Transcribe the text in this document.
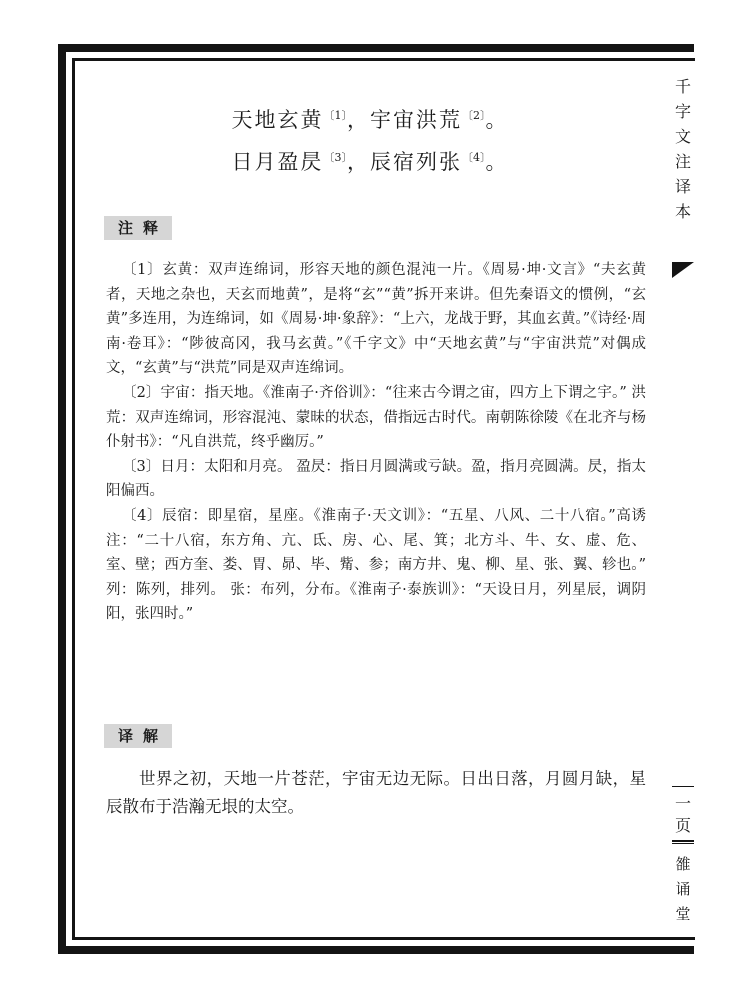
天地玄黄$^{〔1〕}$，宇宙洪荒$^{〔2〕}$。
日月盈昃$^{〔3〕}$，辰宿列张$^{〔4〕}$。
注释

〔1〕玄黄：双声连绵词，形容天地的颜色混沌一片。《周易·坤·文言》“夫玄黄者，天地之杂也，天玄而地黄”，是将“玄”“黄”拆开来讲。但先秦语文的惯例，“玄黄”多连用，为连绵词，如《周易·坤·象辞》：“上六，龙战于野，其血玄黄。”《诗经·周南·卷耳》：“陟彼高冈，我马玄黄。”《千字文》中“天地玄黄”与“宇宙洪荒”对偶成文，“玄黄”与“洪荒”同是双声连绵词。

〔2〕宇宙：指天地。《淮南子·齐俗训》：“往来古今谓之宙，四方上下谓之宇。” 洪荒：双声连绵词，形容混沌、蒙昧的状态，借指远古时代。南朝陈徐陵《在北齐与杨仆射书》：“凡自洪荒，终乎幽厉。”

〔3〕日月：太阳和月亮。 盈昃：指日月圆满或亏缺。盈，指月亮圆满。昃，指太阳偏西。

〔4〕辰宿：即星宿，星座。《淮南子·天文训》：“五星、八风、二十八宿。”高诱注：“二十八宿，东方角、亢、氐、房、心、尾、箕；北方斗、牛、女、虚、危、室、壁；西方奎、娄、胃、昴、毕、觜、参；南方井、鬼、柳、星、张、翼、轸也。” 列：陈列，排列。 张：布列，分布。《淮南子·泰族训》：“天设日月，列星辰，调阴阳，张四时。”

译解
世界之初，天地一片苍茫，宇宙无边无际。日出日落，月圆月缺，星辰散布于浩瀚无垠的太空。
千
字
文
注
译
本
一
页
雒
诵
堂
